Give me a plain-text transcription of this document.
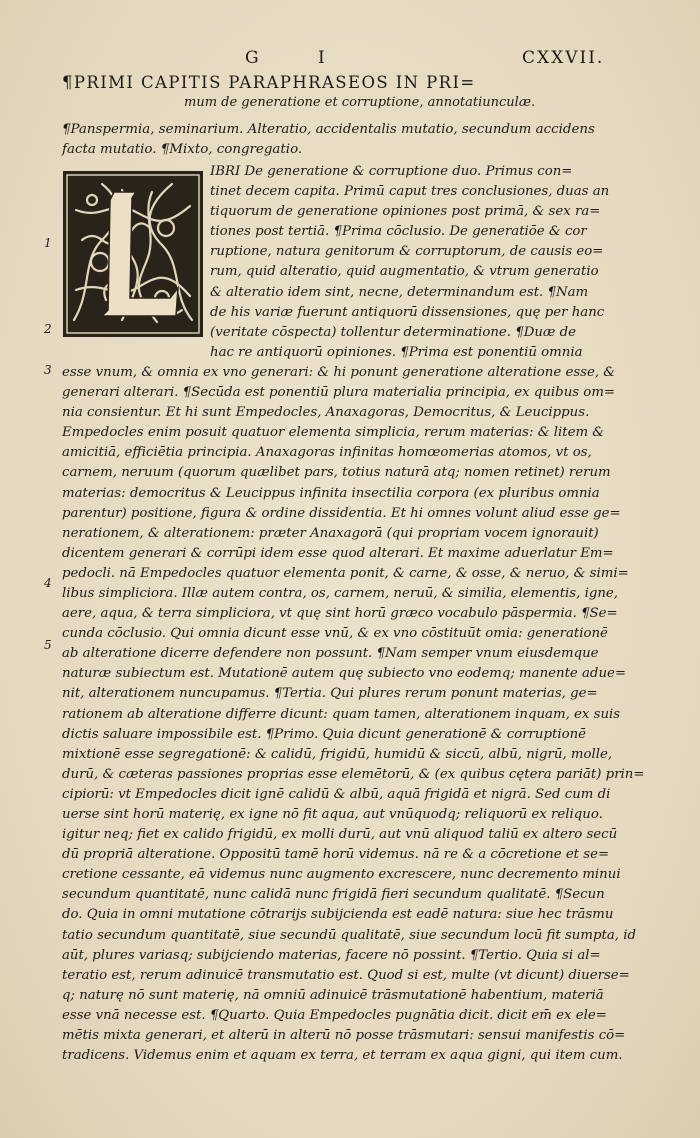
G	I	CXXVII.
¶PRIMI CAPITIS PARAPHRASEOS IN PRI=
mum de generatione et corruptione, annotatiunculæ.
¶Panspermia, seminarium. Alteratio, accidentalis mutatio, secundum accidens
facta mutatio. ¶Mixto, congregatio.
L
IBRI De generatione & corruptione duo. Primus con=
tinet decem capita. Primū caput tres conclusiones, duas an
tiquorum de generatione opiniones post primā, & sex ra=
tiones post tertiā. ¶Prima cōclusio. De generatiōe & cor
ruptione, natura genitorum & corruptorum, de causis eo=
rum, quid alteratio, quid augmentatio, & vtrum generatio
& alteratio idem sint, necne, determinandum est. ¶Nam
de his variæ fuerunt antiquorū dissensiones, quę per hanc
(veritate cōspecta) tollentur determinatione. ¶Duæ de
hac re antiquorū opiniones. ¶Prima est ponentiū omnia
esse vnum, & omnia ex vno generari: & hi ponunt generatione alteratione esse, &
generari alterari. ¶Secūda est ponentiū plura materialia principia, ex quibus om=
nia consientur. Et hi sunt Empedocles, Anaxagoras, Democritus, & Leucippus.
Empedocles enim posuit quatuor elementa simplicia, rerum materias: & litem &
amicitiā, efficiētia principia. Anaxagoras infinitas homœomerias atomos, vt os,
carnem, neruum (quorum quælibet pars, totius naturā atq; nomen retinet) rerum
materias: democritus & Leucippus infinita insectilia corpora (ex pluribus omnia
parentur) positione, figura & ordine dissidentia. Et hi omnes volunt aliud esse ge=
nerationem, & alterationem: præter Anaxagorā (qui propriam vocem ignorauit)
dicentem generari & corrūpi idem esse quod alterari. Et maxime aduerlatur Em=
pedocli. nā Empedocles quatuor elementa ponit, & carne, & osse, & neruo, & simi=
libus simpliciora. Illæ autem contra, os, carnem, neruū, & similia, elementis, igne,
aere, aqua, & terra simpliciora, vt quę sint horū græco vocabulo pāspermia. ¶Se=
cunda cōclusio. Qui omnia dicunt esse vnū, & ex vno cōstituūt omia: generationē
ab alteratione dicerre defendere non possunt. ¶Nam semper vnum eiusdemque
naturæ subiectum est. Mutationē autem quę subiecto vno eodemq; manente adue=
nit, alterationem nuncupamus. ¶Tertia. Qui plures rerum ponunt materias, ge=
rationem ab alteratione differre dicunt: quam tamen, alterationem inquam, ex suis
dictis saluare impossibile est. ¶Primo. Quia dicunt generationē & corruptionē
mixtionē esse segregationē: & calidū, frigidū, humidū & siccū, albū, nigrū, molle,
durū, & cæteras passiones proprias esse elemētorū, & (ex quibus cętera pariāt) prin=
cipiorū: vt Empedocles dicit ignē calidū & albū, aquā frigidā et nigrā. Sed cum di
uerse sint horū materię, ex igne nō fit aqua, aut vnūquodq; reliquorū ex reliquo.
igitur neq; fiet ex calido frigidū, ex molli durū, aut vnū aliquod taliū ex altero secū
dū propriā alteratione. Oppositū tamē horū videmus. nā re & a cōcretione et se=
cretione cessante, eā videmus nunc augmento excrescere, nunc decremento minui
secundum quantitatē, nunc calidā nunc frigidā fieri secundum qualitatē. ¶Secun
do. Quia in omni mutatione cōtrarijs subijcienda est eadē natura: siue hec trāsmu
tatio secundum quantitatē, siue secundū qualitatē, siue secundum locū fit sumpta, id
aūt, plures variasq; subijciendo materias, facere nō possint. ¶Tertio. Quia si al=
teratio est, rerum adinuicē transmutatio est. Quod si est, multe (vt dicunt) diuerse=
q; naturę nō sunt materię, nā omniū adinuicē trāsmutationē habentium, materiā
esse vnā necesse est. ¶Quarto. Quia Empedocles pugnātia dicit. dicit em̄ ex ele=
mētis mixta generari, et alterū in alterū nō posse trāsmutari: sensui manifestis cō=
tradicens. Videmus enim et aquam ex terra, et terram ex aqua gigni, qui item cum.
1
2
3
4
5
